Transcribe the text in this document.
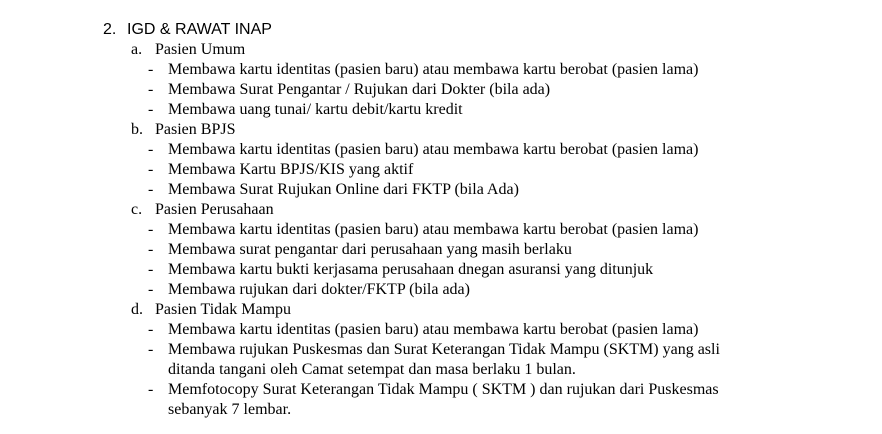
2. IGD & RAWAT INAP
a. Pasien Umum
- Membawa kartu identitas (pasien baru) atau membawa kartu berobat (pasien lama)
- Membawa Surat Pengantar / Rujukan dari Dokter (bila ada)
- Membawa uang tunai/ kartu debit/kartu kredit
b. Pasien BPJS
- Membawa kartu identitas (pasien baru) atau membawa kartu berobat (pasien lama)
- Membawa Kartu BPJS/KIS yang aktif
- Membawa Surat Rujukan Online dari FKTP (bila Ada)
c. Pasien Perusahaan
- Membawa kartu identitas (pasien baru) atau membawa kartu berobat (pasien lama)
- Membawa surat pengantar dari perusahaan yang masih berlaku
- Membawa kartu bukti kerjasama perusahaan dnegan asuransi yang ditunjuk
- Membawa rujukan dari dokter/FKTP (bila ada)
d. Pasien Tidak Mampu
- Membawa kartu identitas (pasien baru) atau membawa kartu berobat (pasien lama)
- Membawa rujukan Puskesmas dan Surat Keterangan Tidak Mampu (SKTM) yang asli
ditanda tangani oleh Camat setempat dan masa berlaku 1 bulan.
- Memfotocopy Surat Keterangan Tidak Mampu ( SKTM ) dan rujukan dari Puskesmas
sebanyak 7 lembar.
